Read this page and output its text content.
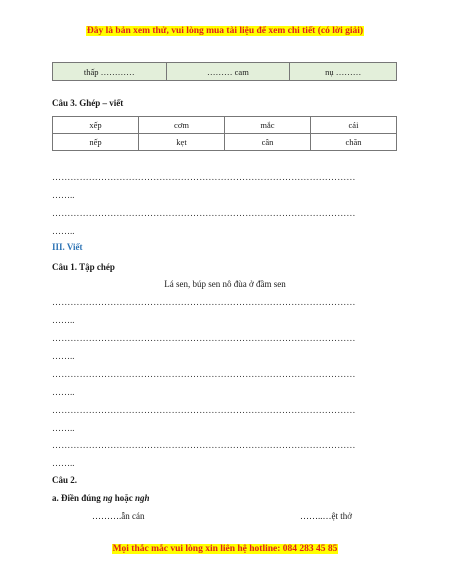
Đây là bản xem thử, vui lòng mua tài liệu để xem chi tiết (có lời giải)
thấp …………	……… cam	nụ ………
Câu 3. Ghép – viết
xếp	cơm	mắc	cái
nếp	kẹt	cân	chăn
………………………………………………………………………………………
……..
………………………………………………………………………………………
……..
III. Viết
Câu 1. Tập chép
Lá sen, búp sen nô đùa ở đầm sen
………………………………………………………………………………………
……..
………………………………………………………………………………………
……..
………………………………………………………………………………………
……..
………………………………………………………………………………………
……..
………………………………………………………………………………………
……..
Câu 2.
a. Điền đúng ng hoặc ngh
……….ẫn cán	……..…ệt thở
Mọi thắc mắc vui lòng xin liên hệ hotline: 084 283 45 85
